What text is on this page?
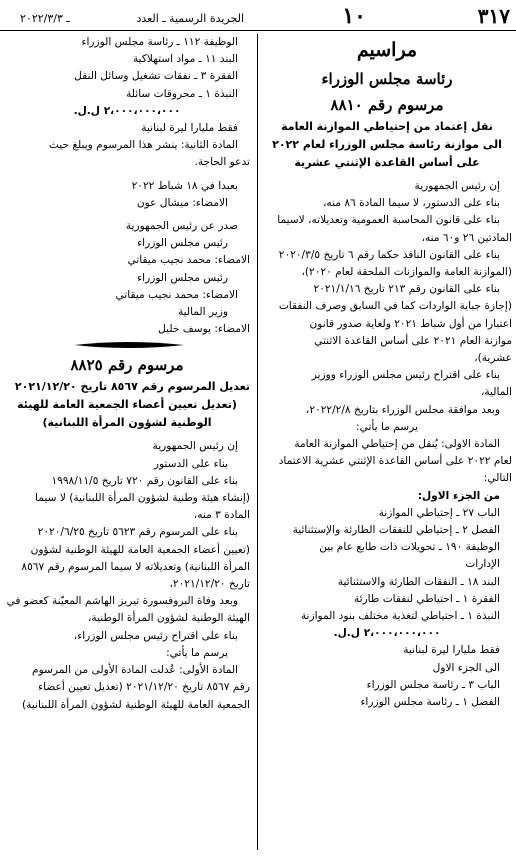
٣١٧
الجريدة الرسمية ـ العدد	١٠
ـ ٢٠٢٢/٣/٣
مراسيم
رئاسة مجلس الوزراء
مرسوم رقم ٨٨١٠
نقل إعتماد من إحتياطي الموازنة العامة
الى موازنة رئاسة مجلس الوزراء لعام ٢٠٢٢
على أساس القاعدة الإثنتي عشرية
إن رئيس الجمهورية
بناء على الدستور، لا سيما المادة ٨٦ منه،
بناء على قانون المحاسبة العمومية وتعديلاته، لاسيما
المادتين ٢٦ و٦٠ منه،
بناء على القانون النافذ حكما رقم ٦ تاريخ ٢٠٢٠/٣/٥
(الموازنة العامة والموازنات الملحقة لعام ٢٠٢٠)،
بناء على القانون رقم ٢١٣ تاريخ ٢٠٢١/١/١٦
(إجازة جباية الواردات كما في السابق وصرف النفقات
اعتبارا من أول شباط ٢٠٢١ ولغاية صدور قانون
موازنة العام ٢٠٢١ على أساس القاعدة الاثنتي
عشرية)،
بناء على اقتراح رئيس مجلس الوزراء ووزير
المالية،
وبعد موافقة مجلس الوزراء بتاريخ ٢٠٢٢/٢/٨،
يرسم ما يأتي:
المادة الاولى: يُنقل من إحتياطي الموازنة العامة
لعام ٢٠٢٢ على أساس القاعدة الإثنتي عشرية الاعتماد
التالي:
من الجزء الاول:
الباب ٢٧ ـ إحتياطي الموازنة
الفصل ٢ ـ إحتياطي للنفقات الطارئة والإستثنائية
الوظيفة ١٩٠ ـ تحويلات ذات طابع عام بين
الإدارات
البند ١٨ ـ النفقات الطارئة والاستثنائية
الفقرة ١ ـ احتياطي لنفقات طارئة
النبذة ١ ـ احتياطي لتغذية مختلف بنود الموازنة
٢،٠٠٠،٠٠٠،٠٠٠ ل.ل.
فقط مليارا ليرة لبنانية
الى الجزء الاول
الباب ٣ ـ رئاسة مجلس الوزراء
الفصل ١ ـ رئاسة مجلس الوزراء
الوظيفة ١١٢ ـ رئاسة مجلس الوزراء
البند ١١ ـ مواد استهلاكية
الفقرة ٣ ـ نفقات تشغيل وسائل النقل
النبذة ١ ـ محروقات سائلة
٢،٠٠٠،٠٠٠،٠٠٠ ل.ل.
فقط مليارا ليرة لبنانية
المادة الثانية: ينشر هذا المرسوم ويبلغ حيث
تدعو الحاجة.
بعبدا في ١٨ شباط ٢٠٢٢
الامضاء: ميشال عون
صدر عن رئيس الجمهورية
رئيس مجلس الوزراء
الامضاء: محمد نجيب ميقاتي
رئيس مجلس الوزراء
الامضاء: محمد نجيب ميقاتي
وزير المالية
الامضاء: يوسف خليل
مرسوم رقم ٨٨٢٥
تعديل المرسوم رقم ٨٥٦٧ تاريخ ٢٠٢١/١٢/٢٠
(تعديل تعيين أعضاء الجمعية العامة للهيئة
الوطنية لشؤون المرأة اللبنانية)
إن رئيس الجمهورية
بناء على الدستور
بناء على القانون رقم ٧٢٠ تاريخ ١٩٩٨/١١/٥
(إنشاء هيئة وطنية لشؤون المرأة اللبنانية) لا سيما
المادة ٣ منه،
بناء على المرسوم رقم ٥٦٢٣ تاريخ ٢٠٢٠/٦/٢٥
(تعيين أعضاء الجمعية العامة للهيئة الوطنية لشؤون
المرأة اللبنانية) وتعديلاته لا سيما المرسوم رقم ٨٥٦٧
تاريخ ٢٠٢١/١٢/٢٠،
وبعد وفاة البروفسورة تيريز الهاشم المعيّنة كعضو في
الهيئة الوطنية لشؤون المرأة الوطنية،
بناء على اقتراح رئيس مجلس الوزراء،
يرسم ما يأتي:
المادة الأولى: عُدلت المادة الأولى من المرسوم
رقم ٨٥٦٧ تاريخ ٢٠٢١/١٢/٢٠ (تعديل تعيين أعضاء
الجمعية العامة للهيئة الوطنية لشؤون المرأة اللبنانية)
